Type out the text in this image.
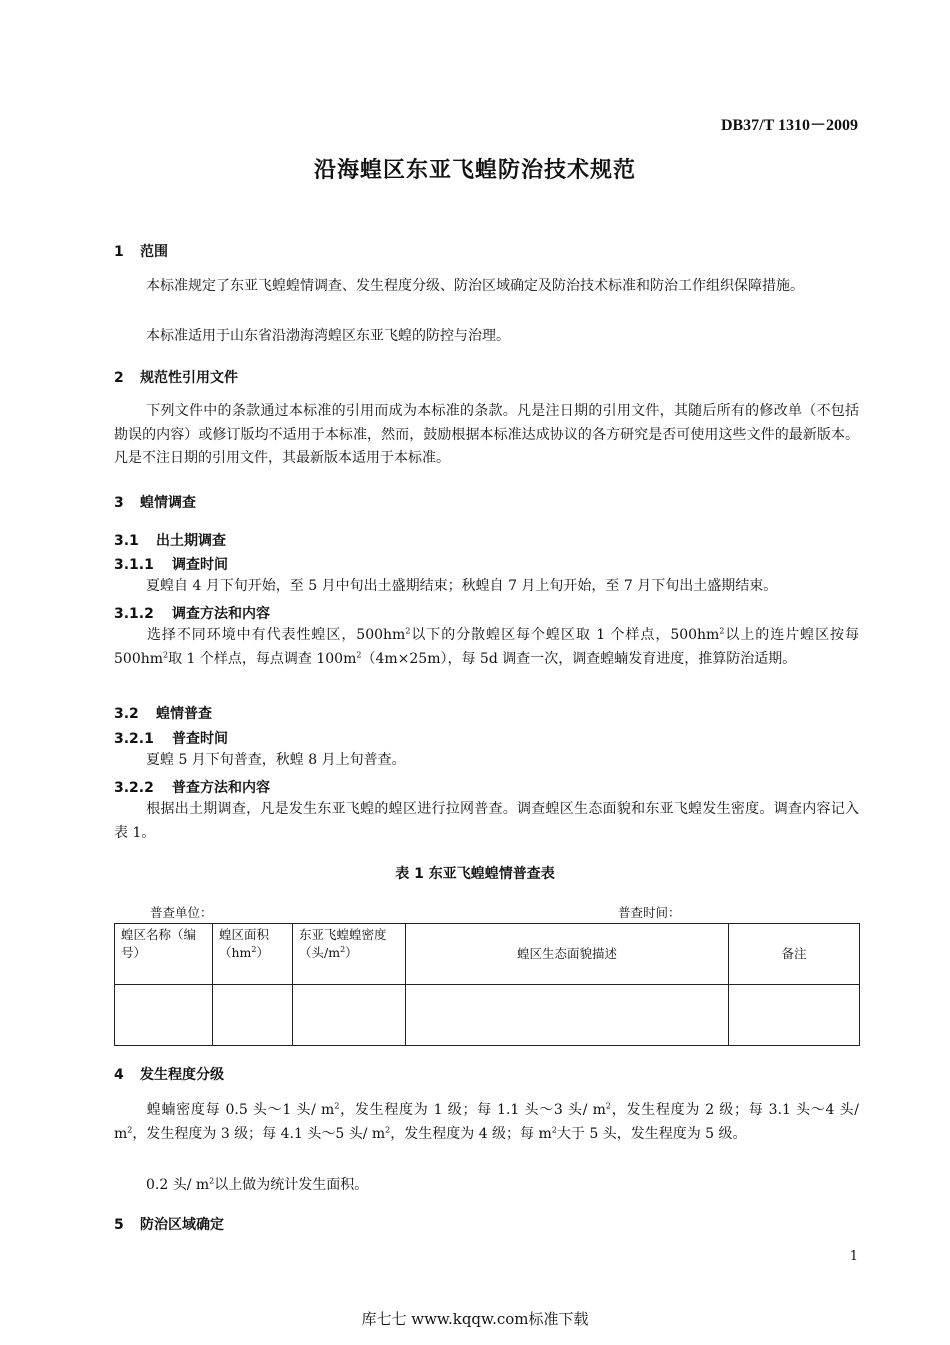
DB37/T 1310－2009
沿海蝗区东亚飞蝗防治技术规范
1 范围
本标准规定了东亚飞蝗蝗情调查、发生程度分级、防治区域确定及防治技术标准和防治工作组织保障措施。
本标准适用于山东省沿渤海湾蝗区东亚飞蝗的防控与治理。
2 规范性引用文件
下列文件中的条款通过本标准的引用而成为本标准的条款。凡是注日期的引用文件，其随后所有的修改单（不包括勘误的内容）或修订版均不适用于本标准，然而，鼓励根据本标准达成协议的各方研究是否可使用这些文件的最新版本。凡是不注日期的引用文件，其最新版本适用于本标准。
3 蝗情调查
3.1 出土期调查
3.1.1 调查时间
夏蝗自 4 月下旬开始，至 5 月中旬出土盛期结束；秋蝗自 7 月上旬开始，至 7 月下旬出土盛期结束。
3.1.2 调查方法和内容
选择不同环境中有代表性蝗区，$500hm^2$以下的分散蝗区每个蝗区取 1 个样点，$500hm^2$以上的连片蝗区按每 $500hm^2$取 1 个样点，每点调查 $100m^2(4m\times 25m)$，每 5d 调查一次，调查蝗蝻发育进度，推算防治适期。
3.2 蝗情普查
3.2.1 普查时间
夏蝗 5 月下旬普查，秋蝗 8 月上旬普查。
3.2.2 普查方法和内容
根据出土期调查，凡是发生东亚飞蝗的蝗区进行拉网普查。调查蝗区生态面貌和东亚飞蝗发生密度。调查内容记入表 1。
表 1 东亚飞蝗蝗情普查表
普查单位：	普查时间：
蝗区名称（编号）	蝗区面积$(hm^2)$	东亚飞蝗蝗密度（头$/m^2$）	蝗区生态面貌描述	备注

4 发生程度分级
蝗蝻密度每 0.5 头～1 头/ $m^2$，发生程度为 1 级；每 1.1 头～3 头/ $m^2$，发生程度为 2 级；每 3.1 头～4 头/ $m^2$，发生程度为 3 级；每 4.1 头～5 头/ $m^2$，发生程度为 4 级；每 $m^2$大于 5 头，发生程度为 5 级。
0.2 头/ $m^2$以上做为统计发生面积。
5 防治区域确定
1
库七七 www.kqqw.com标准下载
